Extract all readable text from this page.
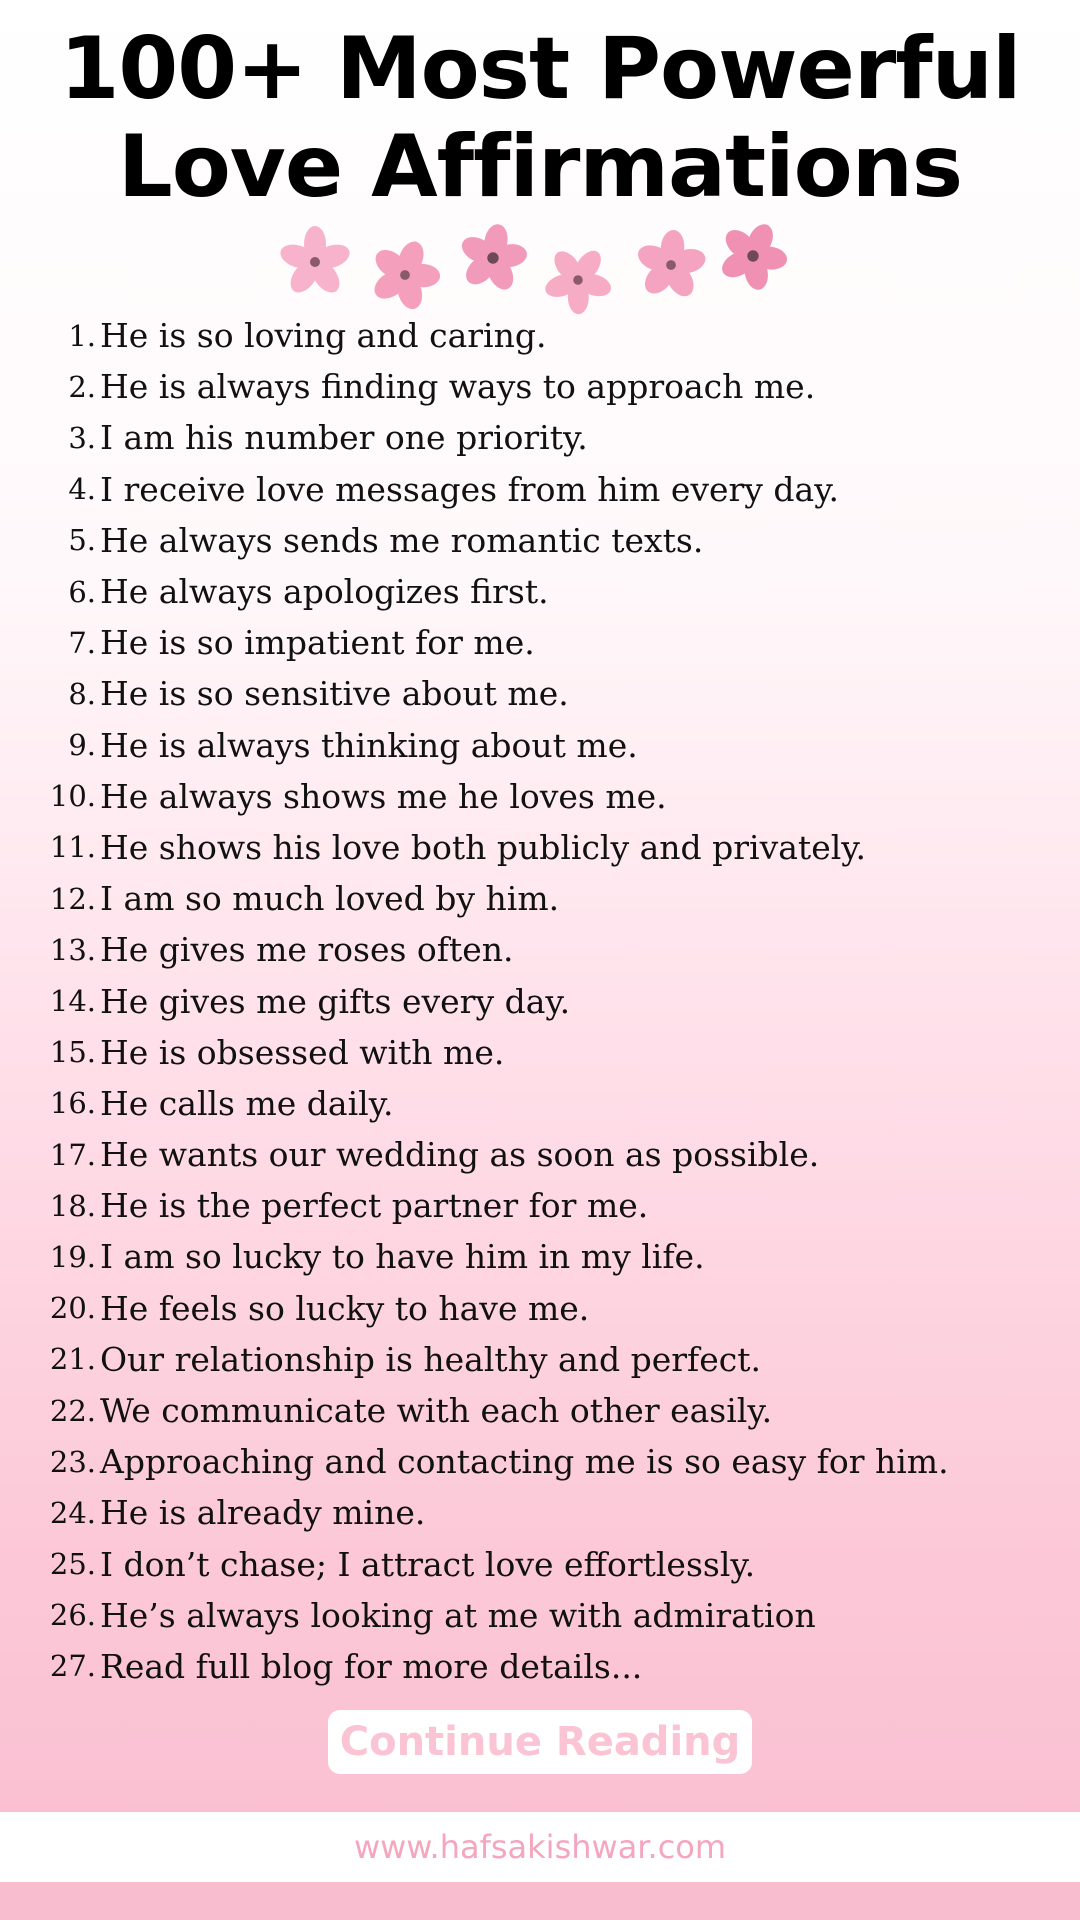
100+ Most Powerful
Love Affirmations
1. He is so loving and caring.
2. He is always finding ways to approach me.
3. I am his number one priority.
4. I receive love messages from him every day.
5. He always sends me romantic texts.
6. He always apologizes first.
7. He is so impatient for me.
8. He is so sensitive about me.
9. He is always thinking about me.
10. He always shows me he loves me.
11. He shows his love both publicly and privately.
12. I am so much loved by him.
13. He gives me roses often.
14. He gives me gifts every day.
15. He is obsessed with me.
16. He calls me daily.
17. He wants our wedding as soon as possible.
18. He is the perfect partner for me.
19. I am so lucky to have him in my life.
20. He feels so lucky to have me.
21. Our relationship is healthy and perfect.
22. We communicate with each other easily.
23. Approaching and contacting me is so easy for him.
24. He is already mine.
25. I don’t chase; I attract love effortlessly.
26. He’s always looking at me with admiration
27. Read full blog for more details...
Continue Reading
www.hafsakishwar.com
